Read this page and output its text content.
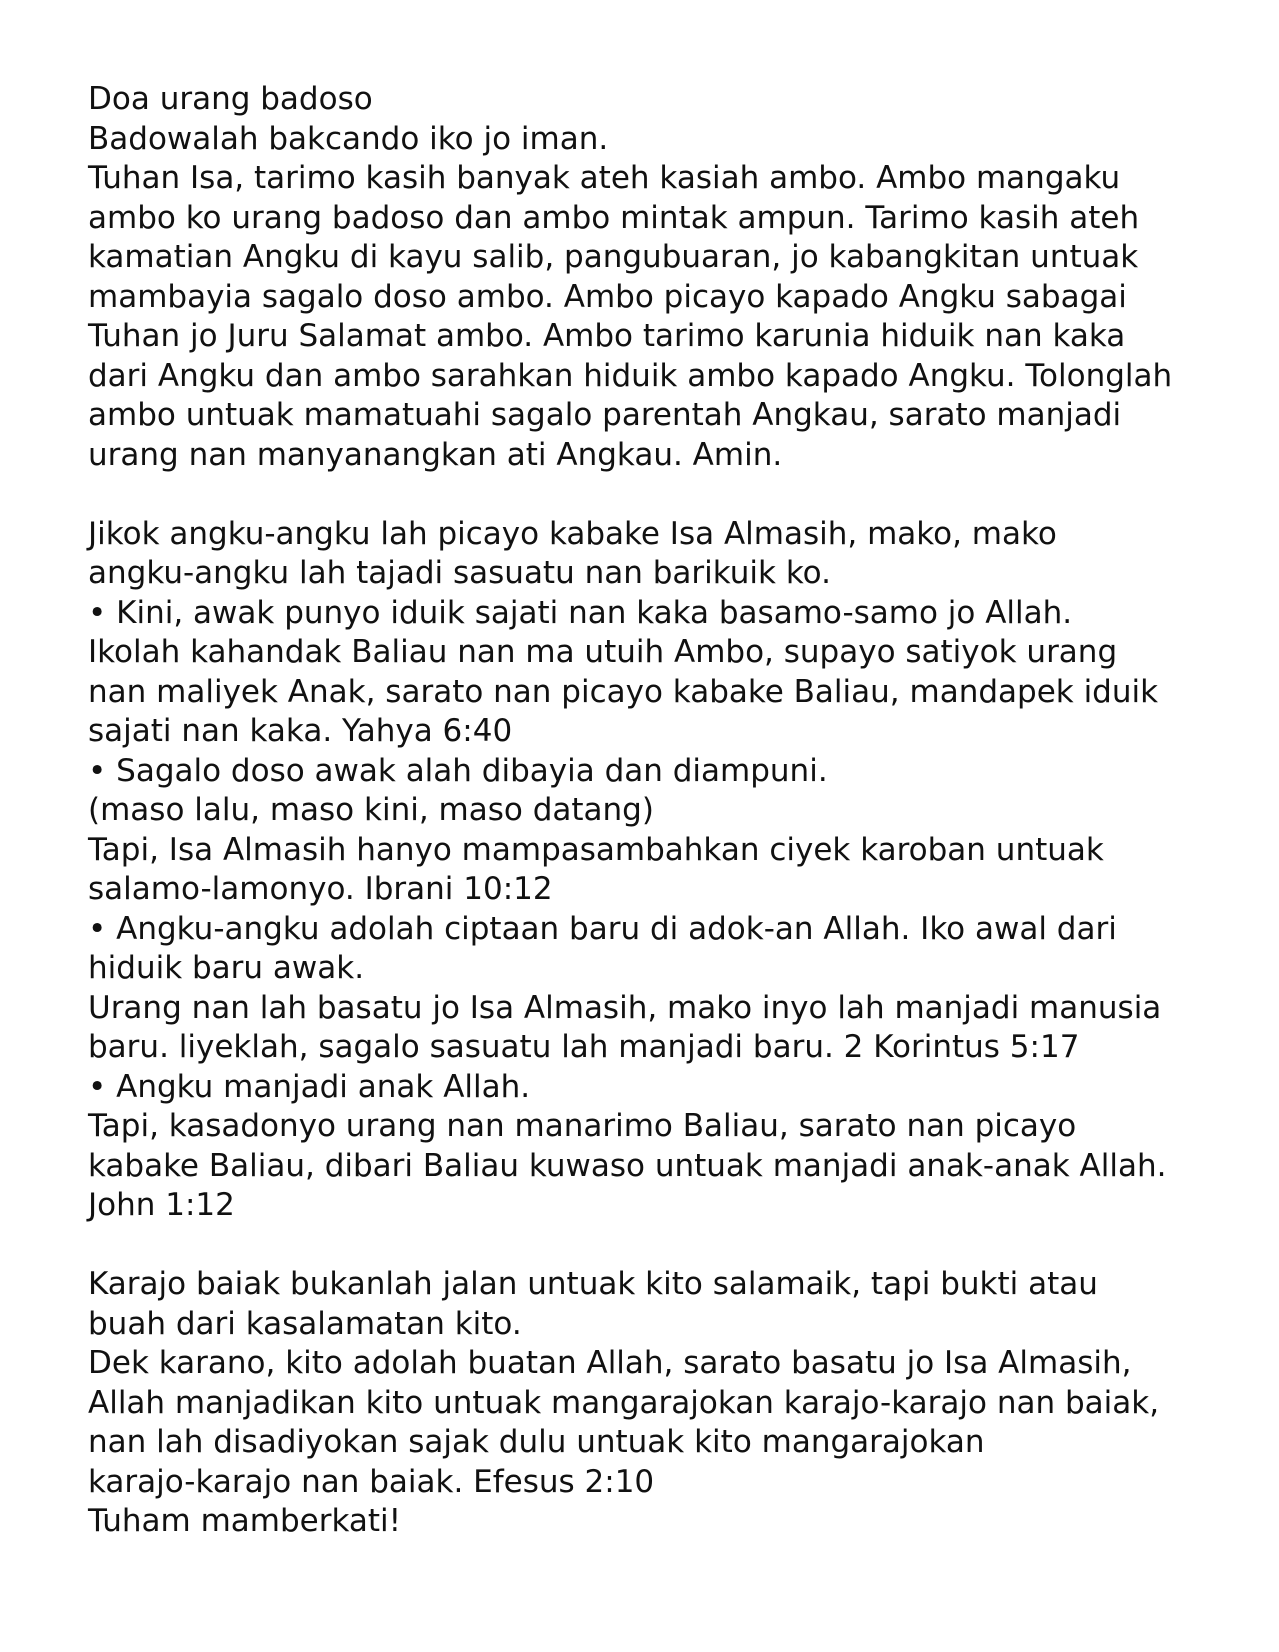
Doa urang badoso
Badowalah bakcando iko jo iman.
Tuhan Isa, tarimo kasih banyak ateh kasiah ambo. Ambo mangaku
ambo ko urang badoso dan ambo mintak ampun. Tarimo kasih ateh
kamatian Angku di kayu salib, pangubuaran, jo kabangkitan untuak
mambayia sagalo doso ambo. Ambo picayo kapado Angku sabagai
Tuhan jo Juru Salamat ambo. Ambo tarimo karunia hiduik nan kaka
dari Angku dan ambo sarahkan hiduik ambo kapado Angku. Tolonglah
ambo untuak mamatuahi sagalo parentah Angkau, sarato manjadi
urang nan manyanangkan ati Angkau. Amin.
Jikok angku-angku lah picayo kabake Isa Almasih, mako, mako
angku-angku lah tajadi sasuatu nan barikuik ko.
• Kini, awak punyo iduik sajati nan kaka basamo-samo jo Allah.
Ikolah kahandak Baliau nan ma utuih Ambo, supayo satiyok urang
nan maliyek Anak, sarato nan picayo kabake Baliau, mandapek iduik
sajati nan kaka. Yahya 6:40
• Sagalo doso awak alah dibayia dan diampuni.
(maso lalu, maso kini, maso datang)
Tapi, Isa Almasih hanyo mampasambahkan ciyek karoban untuak
salamo-lamonyo. Ibrani 10:12
• Angku-angku adolah ciptaan baru di adok-an Allah. Iko awal dari
hiduik baru awak.
Urang nan lah basatu jo Isa Almasih, mako inyo lah manjadi manusia
baru. liyeklah, sagalo sasuatu lah manjadi baru. 2 Korintus 5:17
• Angku manjadi anak Allah.
Tapi, kasadonyo urang nan manarimo Baliau, sarato nan picayo
kabake Baliau, dibari Baliau kuwaso untuak manjadi anak-anak Allah.
John 1:12
Karajo baiak bukanlah jalan untuak kito salamaik, tapi bukti atau
buah dari kasalamatan kito.
Dek karano, kito adolah buatan Allah, sarato basatu jo Isa Almasih,
Allah manjadikan kito untuak mangarajokan karajo-karajo nan baiak,
nan lah disadiyokan sajak dulu untuak kito mangarajokan
karajo-karajo nan baiak. Efesus 2:10
Tuham mamberkati!
